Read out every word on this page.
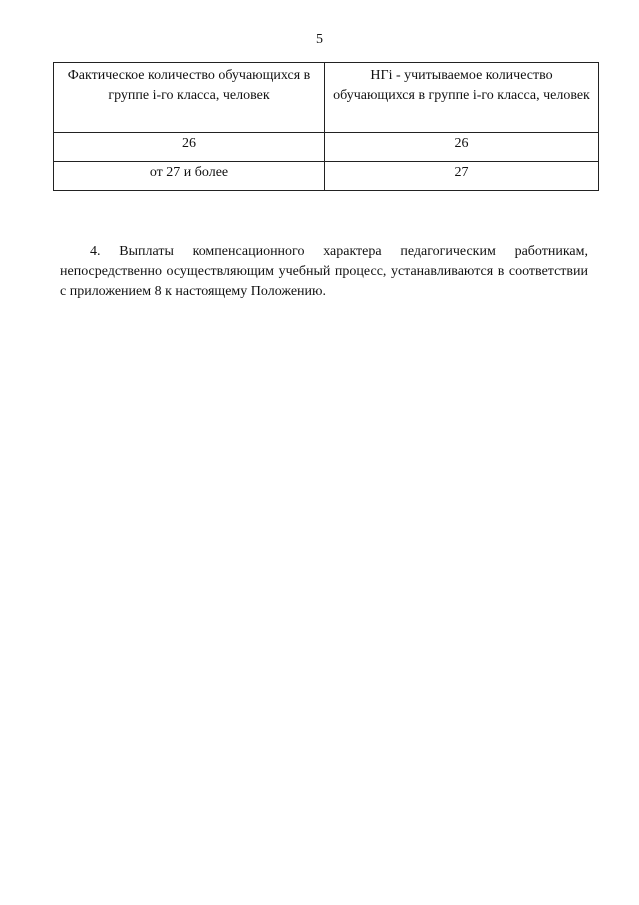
5
Фактическое количество обучающихся в группе i-го класса, человек	НГi - учитываемое количество обучающихся в группе i-го класса, человек
26	26
от 27 и более	27

4. Выплаты компенсационного характера педагогическим работникам, непосредственно осуществляющим учебный процесс, устанавливаются в соответствии с приложением 8 к настоящему Положению.
